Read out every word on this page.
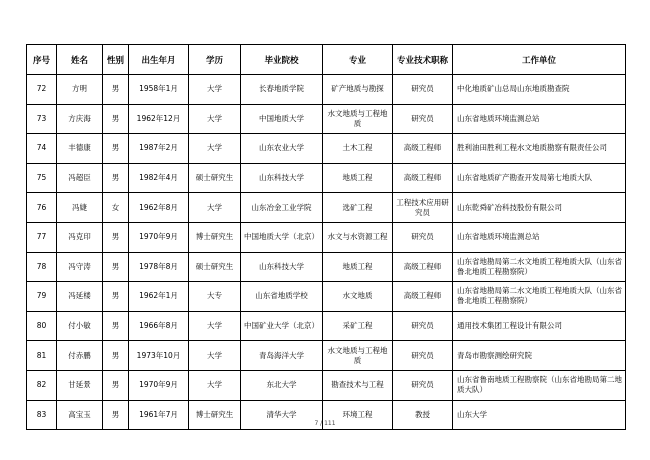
序号	姓名	性别	出生年月	学历	毕业院校	专业	专业技术职称	工作单位
72	方明	男	1958年1月	大学	长春地质学院	矿产地质与勘探	研究员	中化地质矿山总局山东地质勘查院
73	方庆海	男	1962年12月	大学	中国地质大学	水文地质与工程地质	研究员	山东省地质环境监测总站
74	丰德康	男	1987年2月	大学	山东农业大学	土木工程	高级工程师	胜利油田胜利工程水文地质勘察有限责任公司
75	冯超臣	男	1982年4月	硕士研究生	山东科技大学	地质工程	高级工程师	山东省地质矿产勘查开发局第七地质大队
76	冯婕	女	1962年8月	大学	山东冶金工业学院	选矿工程	工程技术应用研究员	山东乾舜矿冶科技股份有限公司
77	冯克印	男	1970年9月	博士研究生	中国地质大学（北京）	水文与水资源工程	研究员	山东省地质环境监测总站
78	冯守涛	男	1978年8月	硕士研究生	山东科技大学	地质工程	高级工程师	山东省地勘局第二水文地质工程地质大队（山东省鲁北地质工程勘察院）
79	冯延楼	男	1962年1月	大专	山东省地质学校	水文地质	高级工程师	山东省地勘局第二水文地质工程地质大队（山东省鲁北地质工程勘察院）
80	付小敏	男	1966年8月	大学	中国矿业大学（北京）	采矿工程	研究员	通用技术集团工程设计有限公司
81	付赤鹏	男	1973年10月	大学	青岛海洋大学	水文地质与工程地质	研究员	青岛市勘察测绘研究院
82	甘延景	男	1970年9月	大学	东北大学	勘查技术与工程	研究员	山东省鲁南地质工程勘察院（山东省地勘局第二地质大队）
83	高宝玉	男	1961年7月	博士研究生	清华大学	环境工程	教授	山东大学
7 / 111
